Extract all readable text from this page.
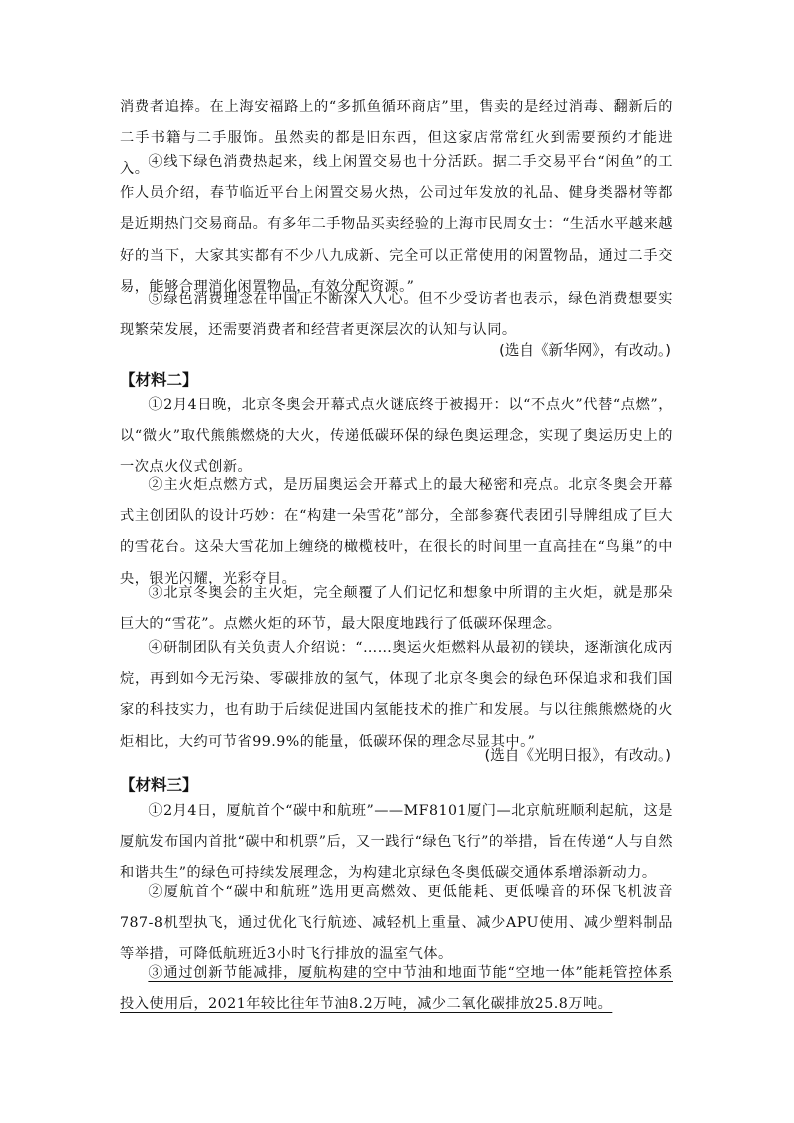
消费者追捧。在上海安福路上的“多抓鱼循环商店”里，售卖的是经过消毒、翻新后的二手书籍与二手服饰。虽然卖的都是旧东西，但这家店常常红火到需要预约才能进入。 ④线下绿色消费热起来，线上闲置交易也十分活跃。据二手交易平台“闲鱼”的工作人员介绍，春节临近平台上闲置交易火热，公司过年发放的礼品、健身类器材等都是近期热门交易商品。有多年二手物品买卖经验的上海市民周女士：“生活水平越来越好的当下，大家其实都有不少八九成新、完全可以正常使用的闲置物品，通过二手交易，能够合理消化闲置物品，有效分配资源。”

⑤绿色消费理念在中国正不断深入人心。但不少受访者也表示，绿色消费想要实现繁荣发展，还需要消费者和经营者更深层次的认知与认同。

(选自《新华网》，有改动。)

【材料二】

①2月4日晚，北京冬奥会开幕式点火谜底终于被揭开：以“不点火”代替“点燃”，以“微火”取代熊熊燃烧的大火，传递低碳环保的绿色奥运理念，实现了奥运历史上的一次点火仪式创新。

②主火炬点燃方式，是历届奥运会开幕式上的最大秘密和亮点。北京冬奥会开幕式主创团队的设计巧妙：在“构建一朵雪花”部分，全部参赛代表团引导牌组成了巨大的雪花台。这朵大雪花加上缠绕的橄榄枝叶，在很长的时间里一直高挂在“鸟巢”的中央，银光闪耀，光彩夺目。

③北京冬奥会的主火炬，完全颠覆了人们记忆和想象中所谓的主火炬，就是那朵巨大的“雪花”。点燃火炬的环节，最大限度地践行了低碳环保理念。

④研制团队有关负责人介绍说：“……奥运火炬燃料从最初的镁块，逐渐演化成丙烷，再到如今无污染、零碳排放的氢气，体现了北京冬奥会的绿色环保追求和我们国家的科技实力，也有助于后续促进国内氢能技术的推广和发展。与以往熊熊燃烧的火炬相比，大约可节省99.9%的能量，低碳环保的理念尽显其中。”

(选自《光明日报》，有改动。)

【材料三】

①2月4日，厦航首个“碳中和航班”——MF8101厦门—北京航班顺利起航，这是厦航发布国内首批“碳中和机票”后，又一践行“绿色飞行”的举措，旨在传递“人与自然和谐共生”的绿色可持续发展理念，为构建北京绿色冬奥低碳交通体系增添新动力。

②厦航首个“碳中和航班”选用更高燃效、更低能耗、更低噪音的环保飞机波音787-8机型执飞，通过优化飞行航迹、减轻机上重量、减少APU使用、减少塑料制品等举措，可降低航班近3小时飞行排放的温室气体。

③通过创新节能减排，厦航构建的空中节油和地面节能“空地一体”能耗管控体系投入使用后，2021年较比往年节油8.2万吨，减少二氧化碳排放25.8万吨。
